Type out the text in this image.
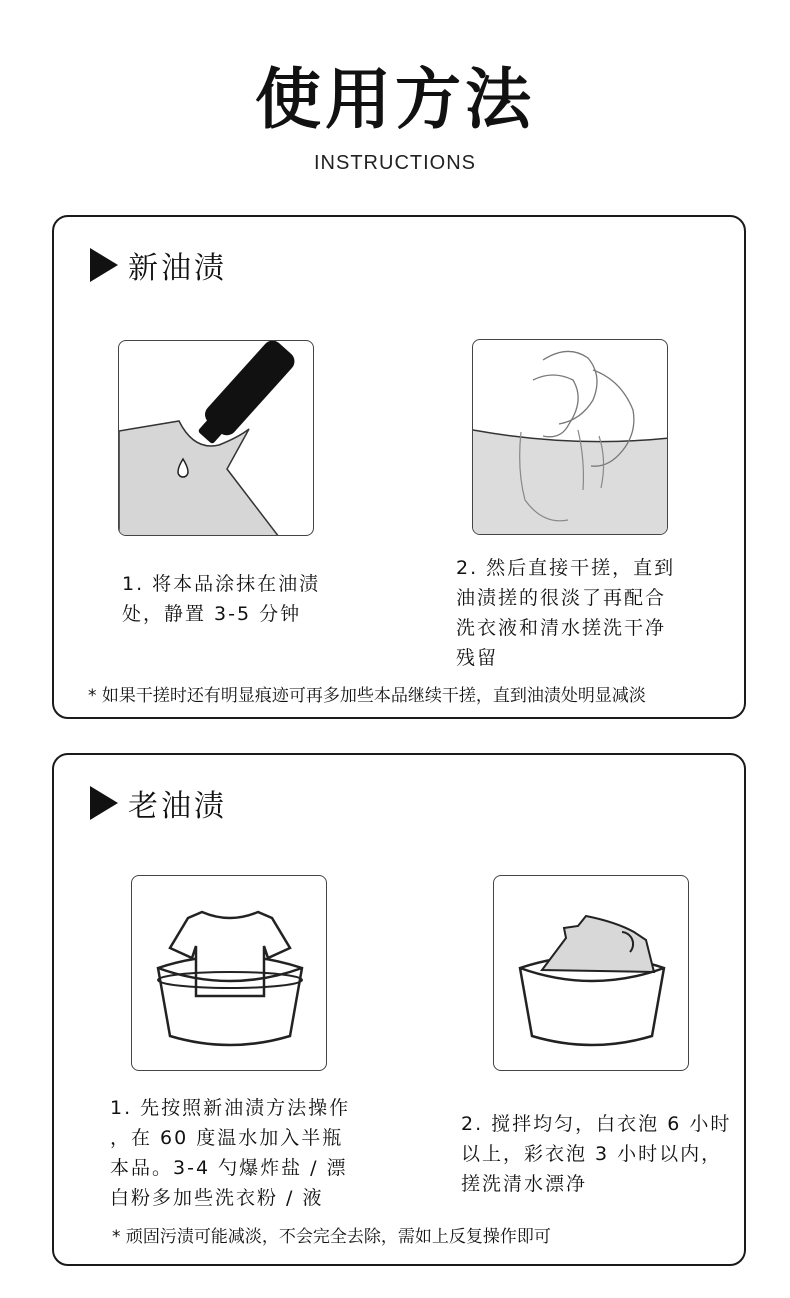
使用方法
INSTRUCTIONS
新油渍
1. 将本品涂抹在油渍
处，静置 3-5 分钟
2. 然后直接干搓，直到
油渍搓的很淡了再配合
洗衣液和清水搓洗干净
残留
* 如果干搓时还有明显痕迹可再多加些本品继续干搓，直到油渍处明显减淡
老油渍
1. 先按照新油渍方法操作
，在 60 度温水加入半瓶
本品。3-4 勺爆炸盐 / 漂
白粉多加些洗衣粉 / 液
2. 搅拌均匀，白衣泡 6 小时
以上，彩衣泡 3 小时以内，
搓洗清水漂净
* 顽固污渍可能减淡，不会完全去除，需如上反复操作即可
